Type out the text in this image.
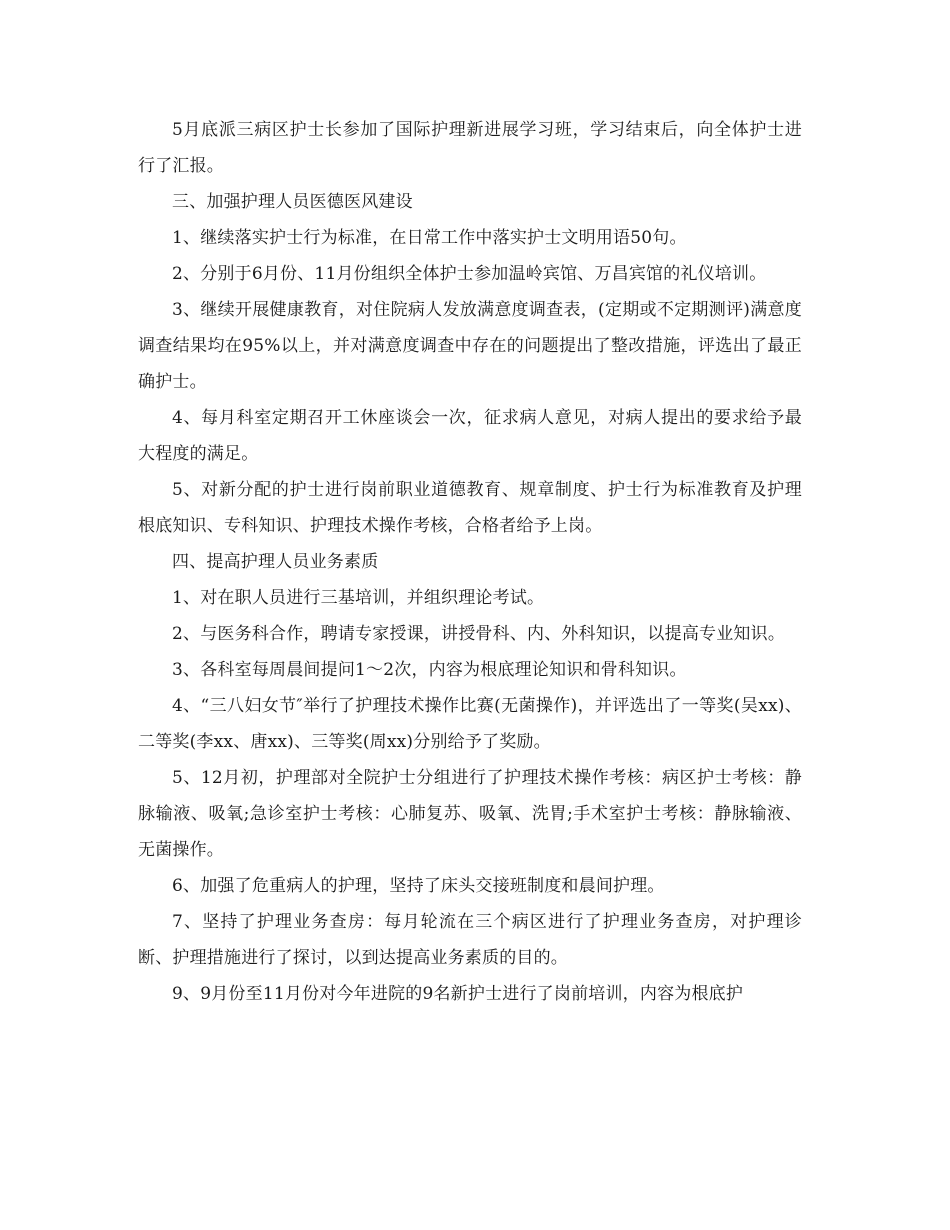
5月底派三病区护士长参加了国际护理新进展学习班，学习结束后，向全体护士进行了汇报。

三、加强护理人员医德医风建设

1、继续落实护士行为标准，在日常工作中落实护士文明用语50句。

2、分别于6月份、11月份组织全体护士参加温岭宾馆、万昌宾馆的礼仪培训。

3、继续开展健康教育，对住院病人发放满意度调查表，(定期或不定期测评)满意度调查结果均在95%以上，并对满意度调查中存在的问题提出了整改措施，评选出了最正确护士。

4、每月科室定期召开工休座谈会一次，征求病人意见，对病人提出的要求给予最大程度的满足。

5、对新分配的护士进行岗前职业道德教育、规章制度、护士行为标准教育及护理根底知识、专科知识、护理技术操作考核，合格者给予上岗。

四、提高护理人员业务素质

1、对在职人员进行三基培训，并组织理论考试。

2、与医务科合作，聘请专家授课，讲授骨科、内、外科知识，以提高专业知识。

3、各科室每周晨间提问1～2次，内容为根底理论知识和骨科知识。

4、“三八妇女节″举行了护理技术操作比赛(无菌操作)，并评选出了一等奖(吴xx)、二等奖(李xx、唐xx)、三等奖(周xx)分别给予了奖励。

5、12月初，护理部对全院护士分组进行了护理技术操作考核：病区护士考核：静脉输液、吸氧;急诊室护士考核：心肺复苏、吸氧、洗胃;手术室护士考核：静脉输液、无菌操作。

6、加强了危重病人的护理，坚持了床头交接班制度和晨间护理。

7、坚持了护理业务查房：每月轮流在三个病区进行了护理业务查房，对护理诊断、护理措施进行了探讨，以到达提高业务素质的目的。

9、9月份至11月份对今年进院的9名新护士进行了岗前培训，内容为根底护
